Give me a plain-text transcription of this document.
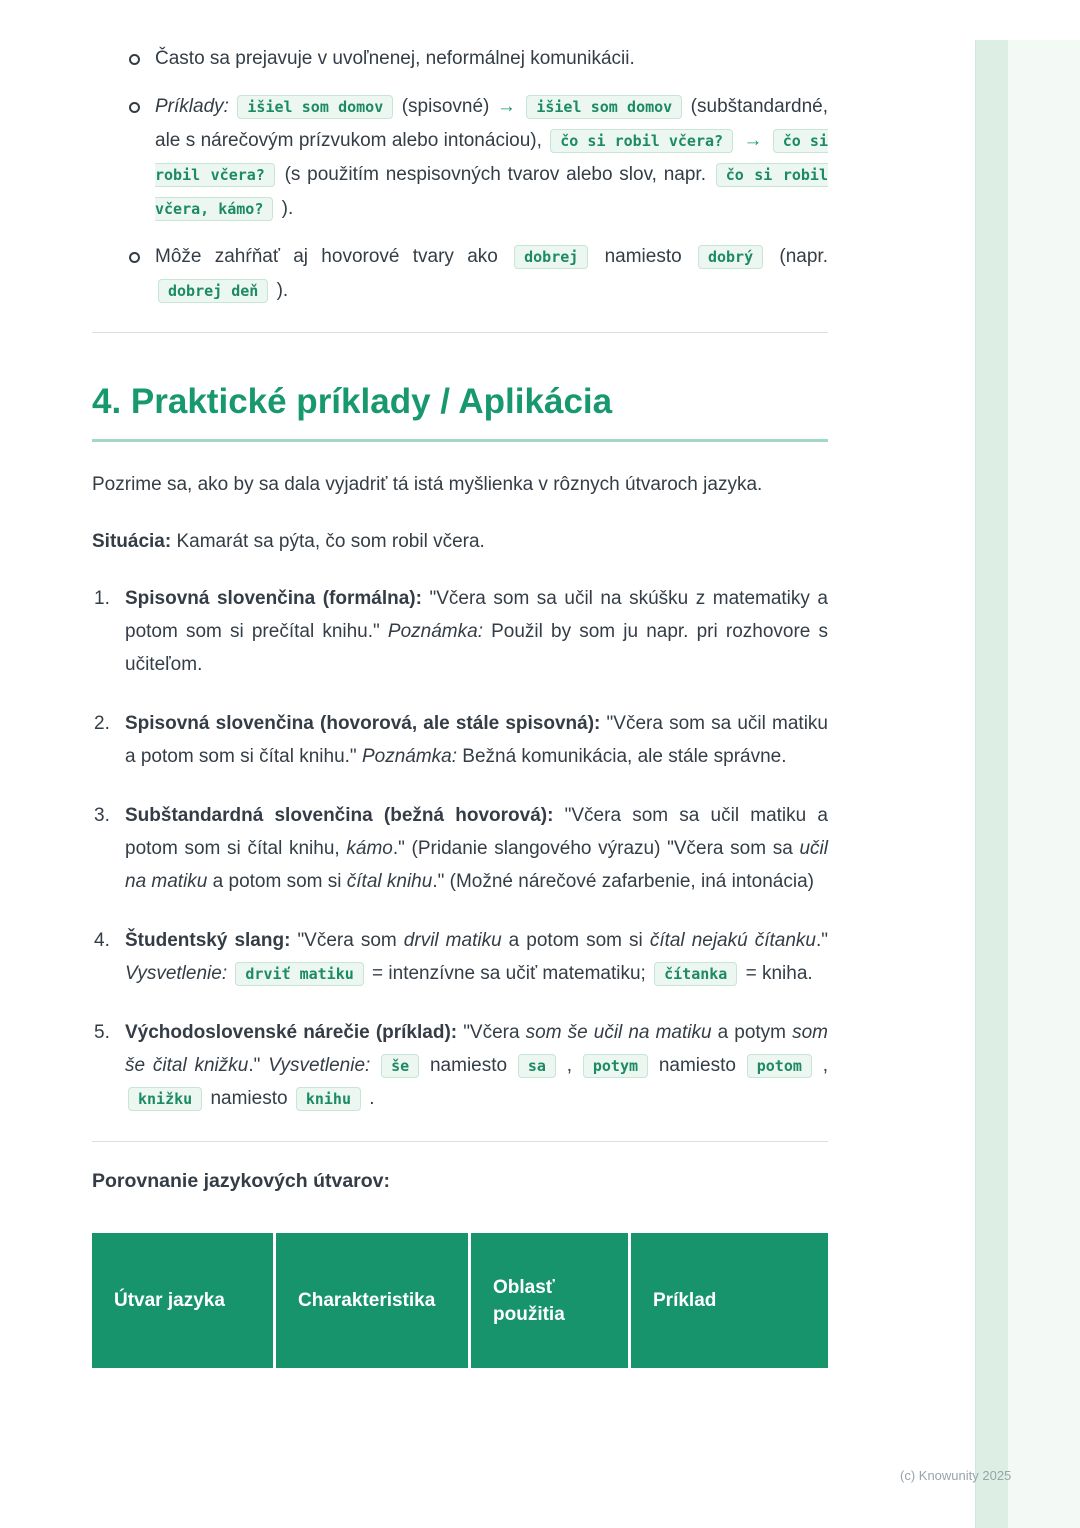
Často sa prejavuje v uvoľnenej, neformálnej komunikácii.
Príklady: išiel som domov (spisovné) → išiel som domov (subštandardné, ale s nárečovým prízvukom alebo intonáciou), čo si robil včera? → čo si robil včera? (s použitím nespisovných tvarov alebo slov, napr. čo si robil včera, kámo? ).
Môže zahŕňať aj hovorové tvary ako dobrej namiesto dobrý (napr. dobrej deň ).
4. Praktické príklady / Aplikácia

Pozrime sa, ako by sa dala vyjadriť tá istá myšlienka v rôznych útvaroch jazyka.

Situácia: Kamarát sa pýta, čo som robil včera.

Spisovná slovenčina (formálna): "Včera som sa učil na skúšku z matematiky a potom som si prečítal knihu." Poznámka: Použil by som ju napr. pri rozhovore s učiteľom.
Spisovná slovenčina (hovorová, ale stále spisovná): "Včera som sa učil matiku a potom som si čítal knihu." Poznámka: Bežná komunikácia, ale stále správne.
Subštandardná slovenčina (bežná hovorová): "Včera som sa učil matiku a potom som si čítal knihu, kámo." (Pridanie slangového výrazu) "Včera som sa učil na matiku a potom som si čítal knihu." (Možné nárečové zafarbenie, iná intonácia)
Študentský slang: "Včera som drvil matiku a potom som si čítal nejakú čítanku." Vysvetlenie: drviť matiku = intenzívne sa učiť matematiku; čítanka = kniha.
Východoslovenské nárečie (príklad): "Včera som še učil na matiku a potym som še čital knižku." Vysvetlenie: še namiesto sa , potym namiesto potom , knižku namiesto knihu .

Porovnanie jazykových útvarov:

Útvar jazyka	Charakteristika
Oblasť použitia
Príklad
(c) Knowunity 2025
